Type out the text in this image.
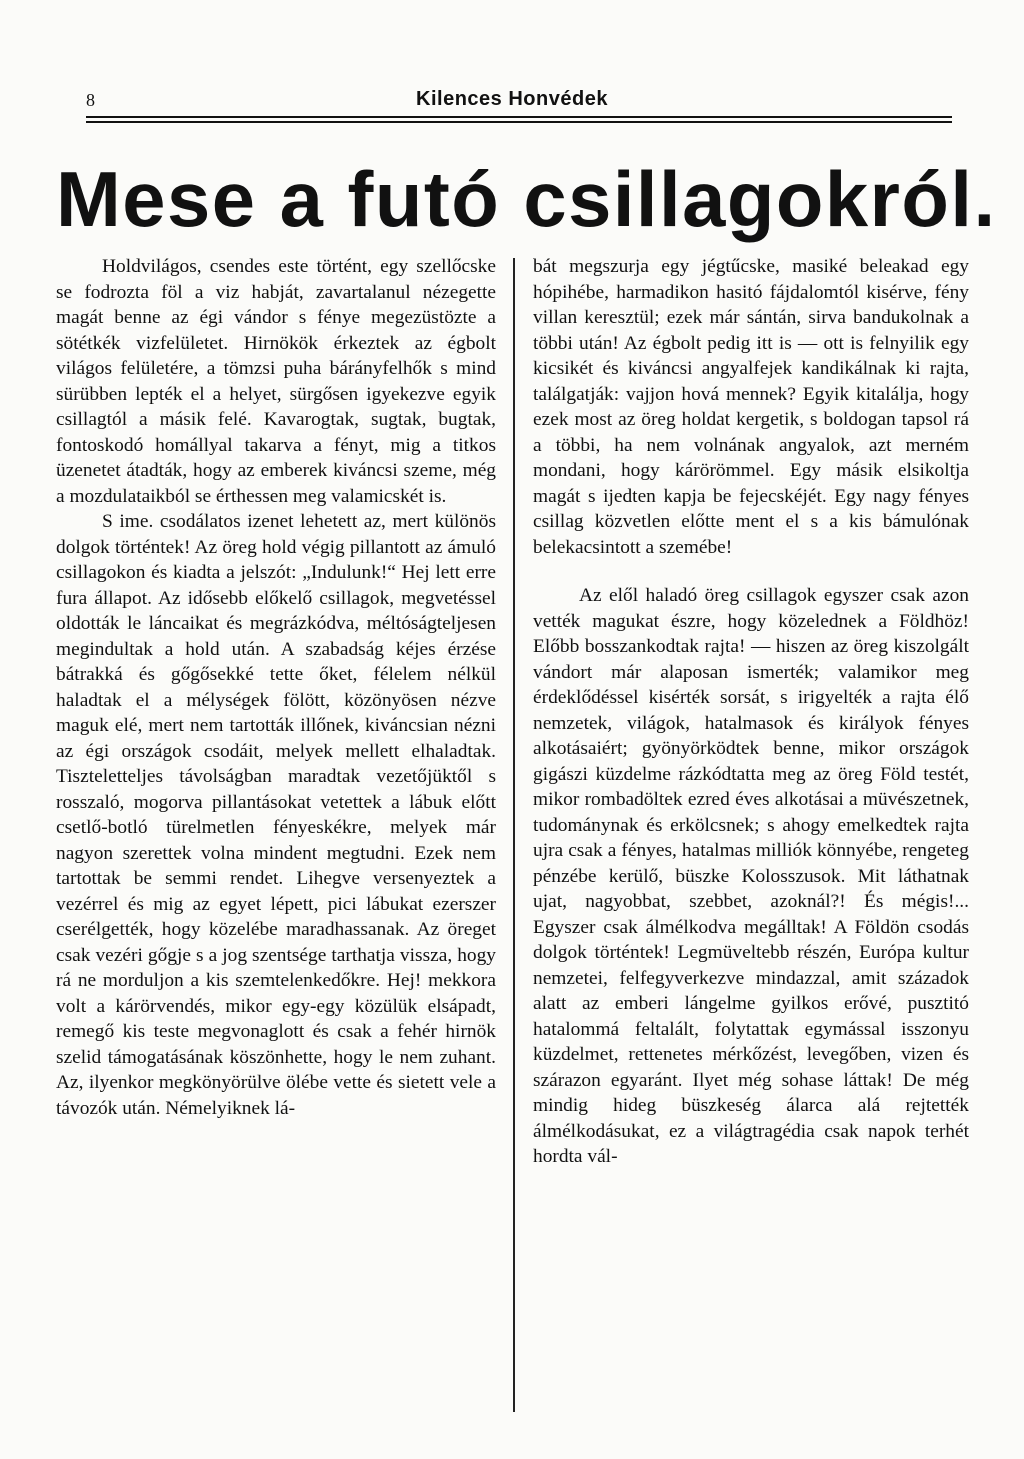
8	Kilences Honvédek
Mese a futó csillagokról.

Holdvilágos, csendes este történt, egy szellőcske se fodrozta föl a viz habját, zavartalanul nézegette magát benne az égi vándor s fénye megezüstözte a sötétkék vizfelületet. Hirnökök érkeztek az égbolt világos felületére, a tömzsi puha bárányfelhők s mind sürübben lepték el a helyet, sürgősen igyekezve egyik csillagtól a másik felé. Kavarogtak, sugtak, bugtak, fontoskodó homállyal takarva a fényt, mig a titkos üzenetet átadták, hogy az emberek kiváncsi szeme, még a mozdulataikból se érthessen meg valamicskét is.

S ime. csodálatos izenet lehetett az, mert különös dolgok történtek! Az öreg hold végig pillantott az ámuló csillagokon és kiadta a jelszót: „Indulunk!“ Hej lett erre fura állapot. Az idősebb előkelő csillagok, megvetéssel oldották le láncaikat és megrázkódva, méltóságteljesen megindultak a hold után. A szabadság kéjes érzése bátrakká és gőgősekké tette őket, félelem nélkül haladtak el a mélységek fölött, közönyösen nézve maguk elé, mert nem tartották illőnek, kiváncsian nézni az égi országok csodáit, melyek mellett elhaladtak. Tiszteletteljes távolságban maradtak vezetőjüktől s rosszaló, mogorva pillantásokat vetettek a lábuk előtt csetlő-botló türelmetlen fényeskékre, melyek már nagyon szerettek volna mindent megtudni. Ezek nem tartottak be semmi rendet. Lihegve versenyeztek a vezérrel és mig az egyet lépett, pici lábukat ezerszer cserélgették, hogy közelébe maradhassanak. Az öreget csak vezéri gőgje s a jog szentsége tarthatja vissza, hogy rá ne morduljon a kis szemtelenkedőkre. Hej! mekkora volt a kárörvendés, mikor egy-egy közülük elsápadt, remegő kis teste megvonaglott és csak a fehér hirnök szelid támogatásának köszönhette, hogy le nem zuhant. Az, ilyenkor megkönyörülve ölébe vette és sietett vele a távozók után. Némelyiknek lá-

bát megszurja egy jégtűcske, masiké beleakad egy hópihébe, harmadikon hasitó fájdalomtól kisérve, fény villan keresztül; ezek már sántán, sirva bandukolnak a többi után! Az égbolt pedig itt is — ott is felnyilik egy kicsikét és kiváncsi angyalfejek kandikálnak ki rajta, találgatják: vajjon hová mennek? Egyik kitalálja, hogy ezek most az öreg holdat kergetik, s boldogan tapsol rá a többi, ha nem volnának angyalok, azt merném mondani, hogy kárörömmel. Egy másik elsikoltja magát s ijedten kapja be fejecskéjét. Egy nagy fényes csillag közvetlen előtte ment el s a kis bámulónak belekacsintott a szemébe!

Az elől haladó öreg csillagok egyszer csak azon vették magukat észre, hogy közelednek a Földhöz! Előbb bosszankodtak rajta! — hiszen az öreg kiszolgált vándort már alaposan ismerték; valamikor meg érdeklődéssel kisérték sorsát, s irigyelték a rajta élő nemzetek, világok, hatalmasok és királyok fényes alkotásaiért; gyönyörködtek benne, mikor országok gigászi küzdelme rázkódtatta meg az öreg Föld testét, mikor rombadöltek ezred éves alkotásai a müvészetnek, tudománynak és erkölcsnek; s ahogy emelkedtek rajta ujra csak a fényes, hatalmas milliók könnyébe, rengeteg pénzébe kerülő, büszke Kolosszusok. Mit láthatnak ujat, nagyobbat, szebbet, azoknál?! És mégis!... Egyszer csak álmélkodva megálltak! A Földön csodás dolgok történtek! Legmüveltebb részén, Európa kultur nemzetei, felfegyverkezve mindazzal, amit századok alatt az emberi lángelme gyilkos erővé, pusztitó hatalommá feltalált, folytattak egymással isszonyu küzdelmet, rettenetes mérkőzést, levegőben, vizen és szárazon egyaránt. Ilyet még sohase láttak! De még mindig hideg büszkeség álarca alá rejtették álmélkodásukat, ez a világtragédia csak napok terhét hordta vál-
